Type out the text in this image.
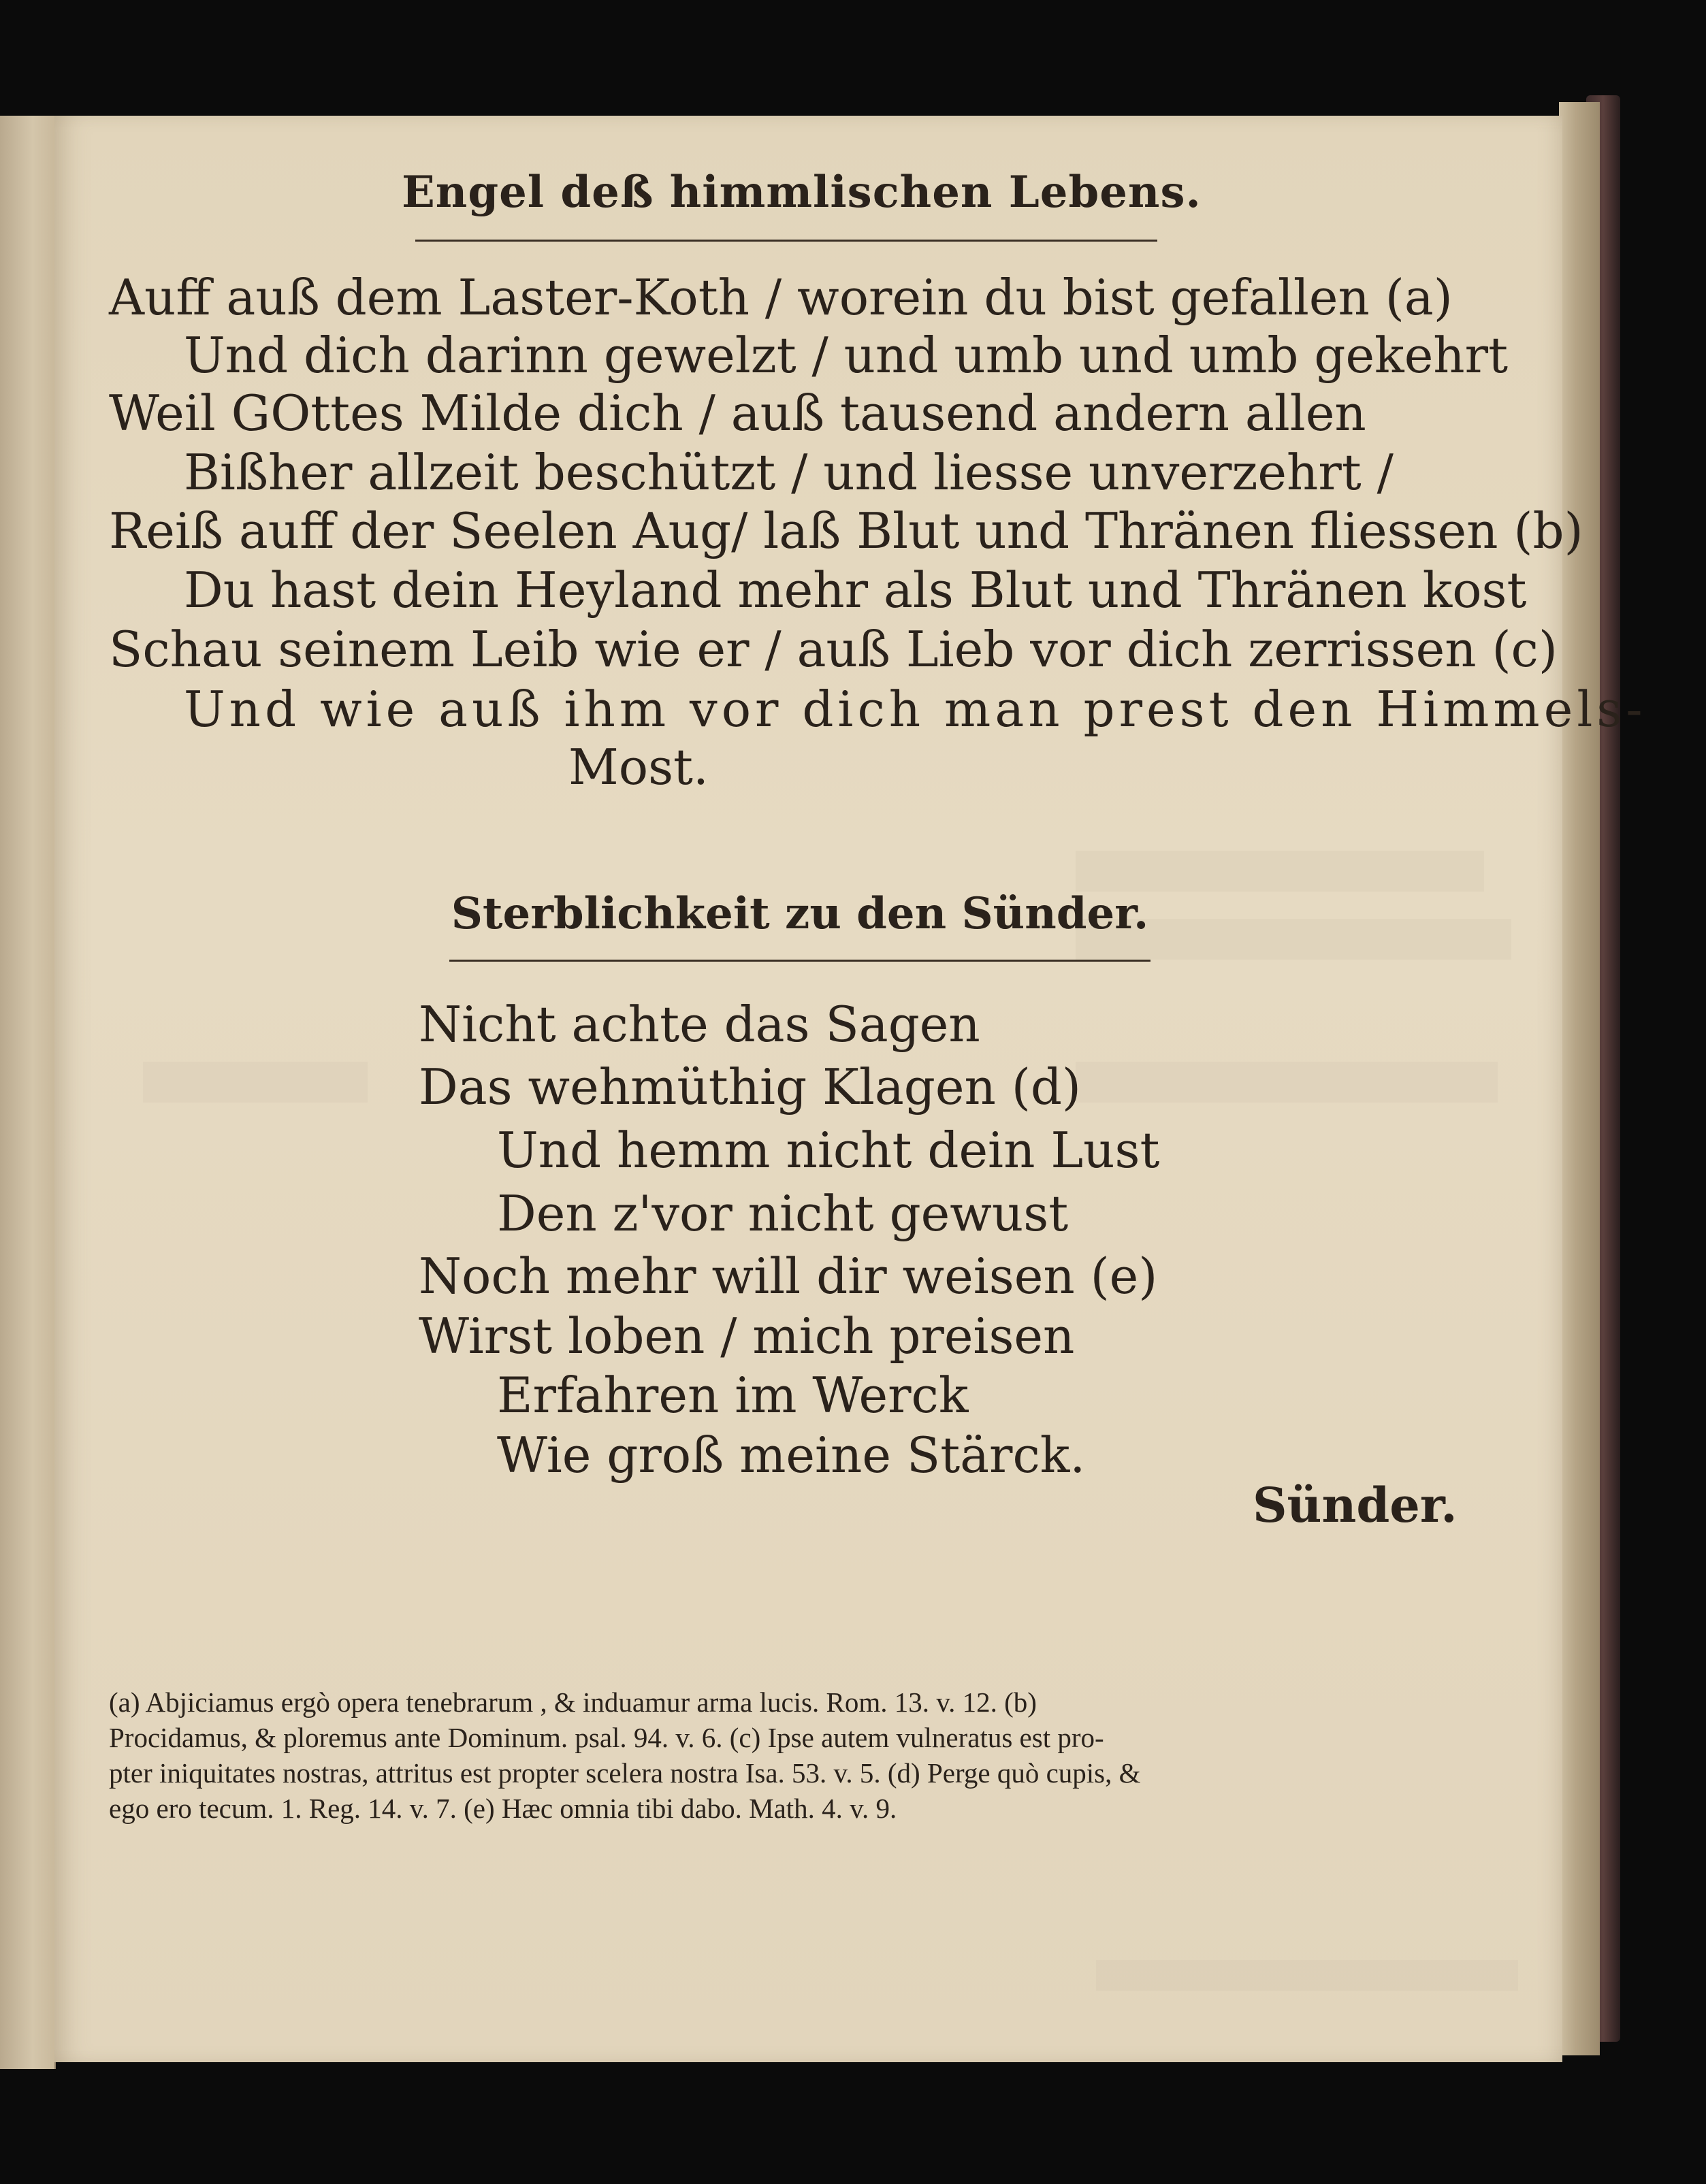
Engel deß himmlischen Lebens.
Auff auß dem Laster-Koth / worein du bist gefallen (a)
Und dich darinn gewelzt / und umb und umb gekehrt
Weil GOttes Milde dich / auß tausend andern allen
Bißher allzeit beschützt / und liesse unverzehrt /
Reiß auff der Seelen Aug/ laß Blut und Thränen fliessen (b)
Du hast dein Heyland mehr als Blut und Thränen kost
Schau seinem Leib wie er / auß Lieb vor dich zerrissen (c)
Und wie auß ihm vor dich man prest den Himmels-
Most.
Sterblichkeit zu den Sünder.
Nicht achte das Sagen
Das wehmüthig Klagen (d)
Und hemm nicht dein Lust
Den z'vor nicht gewust
Noch mehr will dir weisen (e)
Wirst loben / mich preisen
Erfahren im Werck
Wie groß meine Stärck.
Sünder.
(a) Abjiciamus ergò opera tenebrarum , & induamur arma lucis. Rom. 13. v. 12. (b)
Procidamus, & ploremus ante Dominum. psal. 94. v. 6. (c) Ipse autem vulneratus est pro-
pter iniquitates nostras, attritus est propter scelera nostra Isa. 53. v. 5. (d) Perge quò cupis, &
ego ero tecum. 1. Reg. 14. v. 7. (e) Hæc omnia tibi dabo. Math. 4. v. 9.
